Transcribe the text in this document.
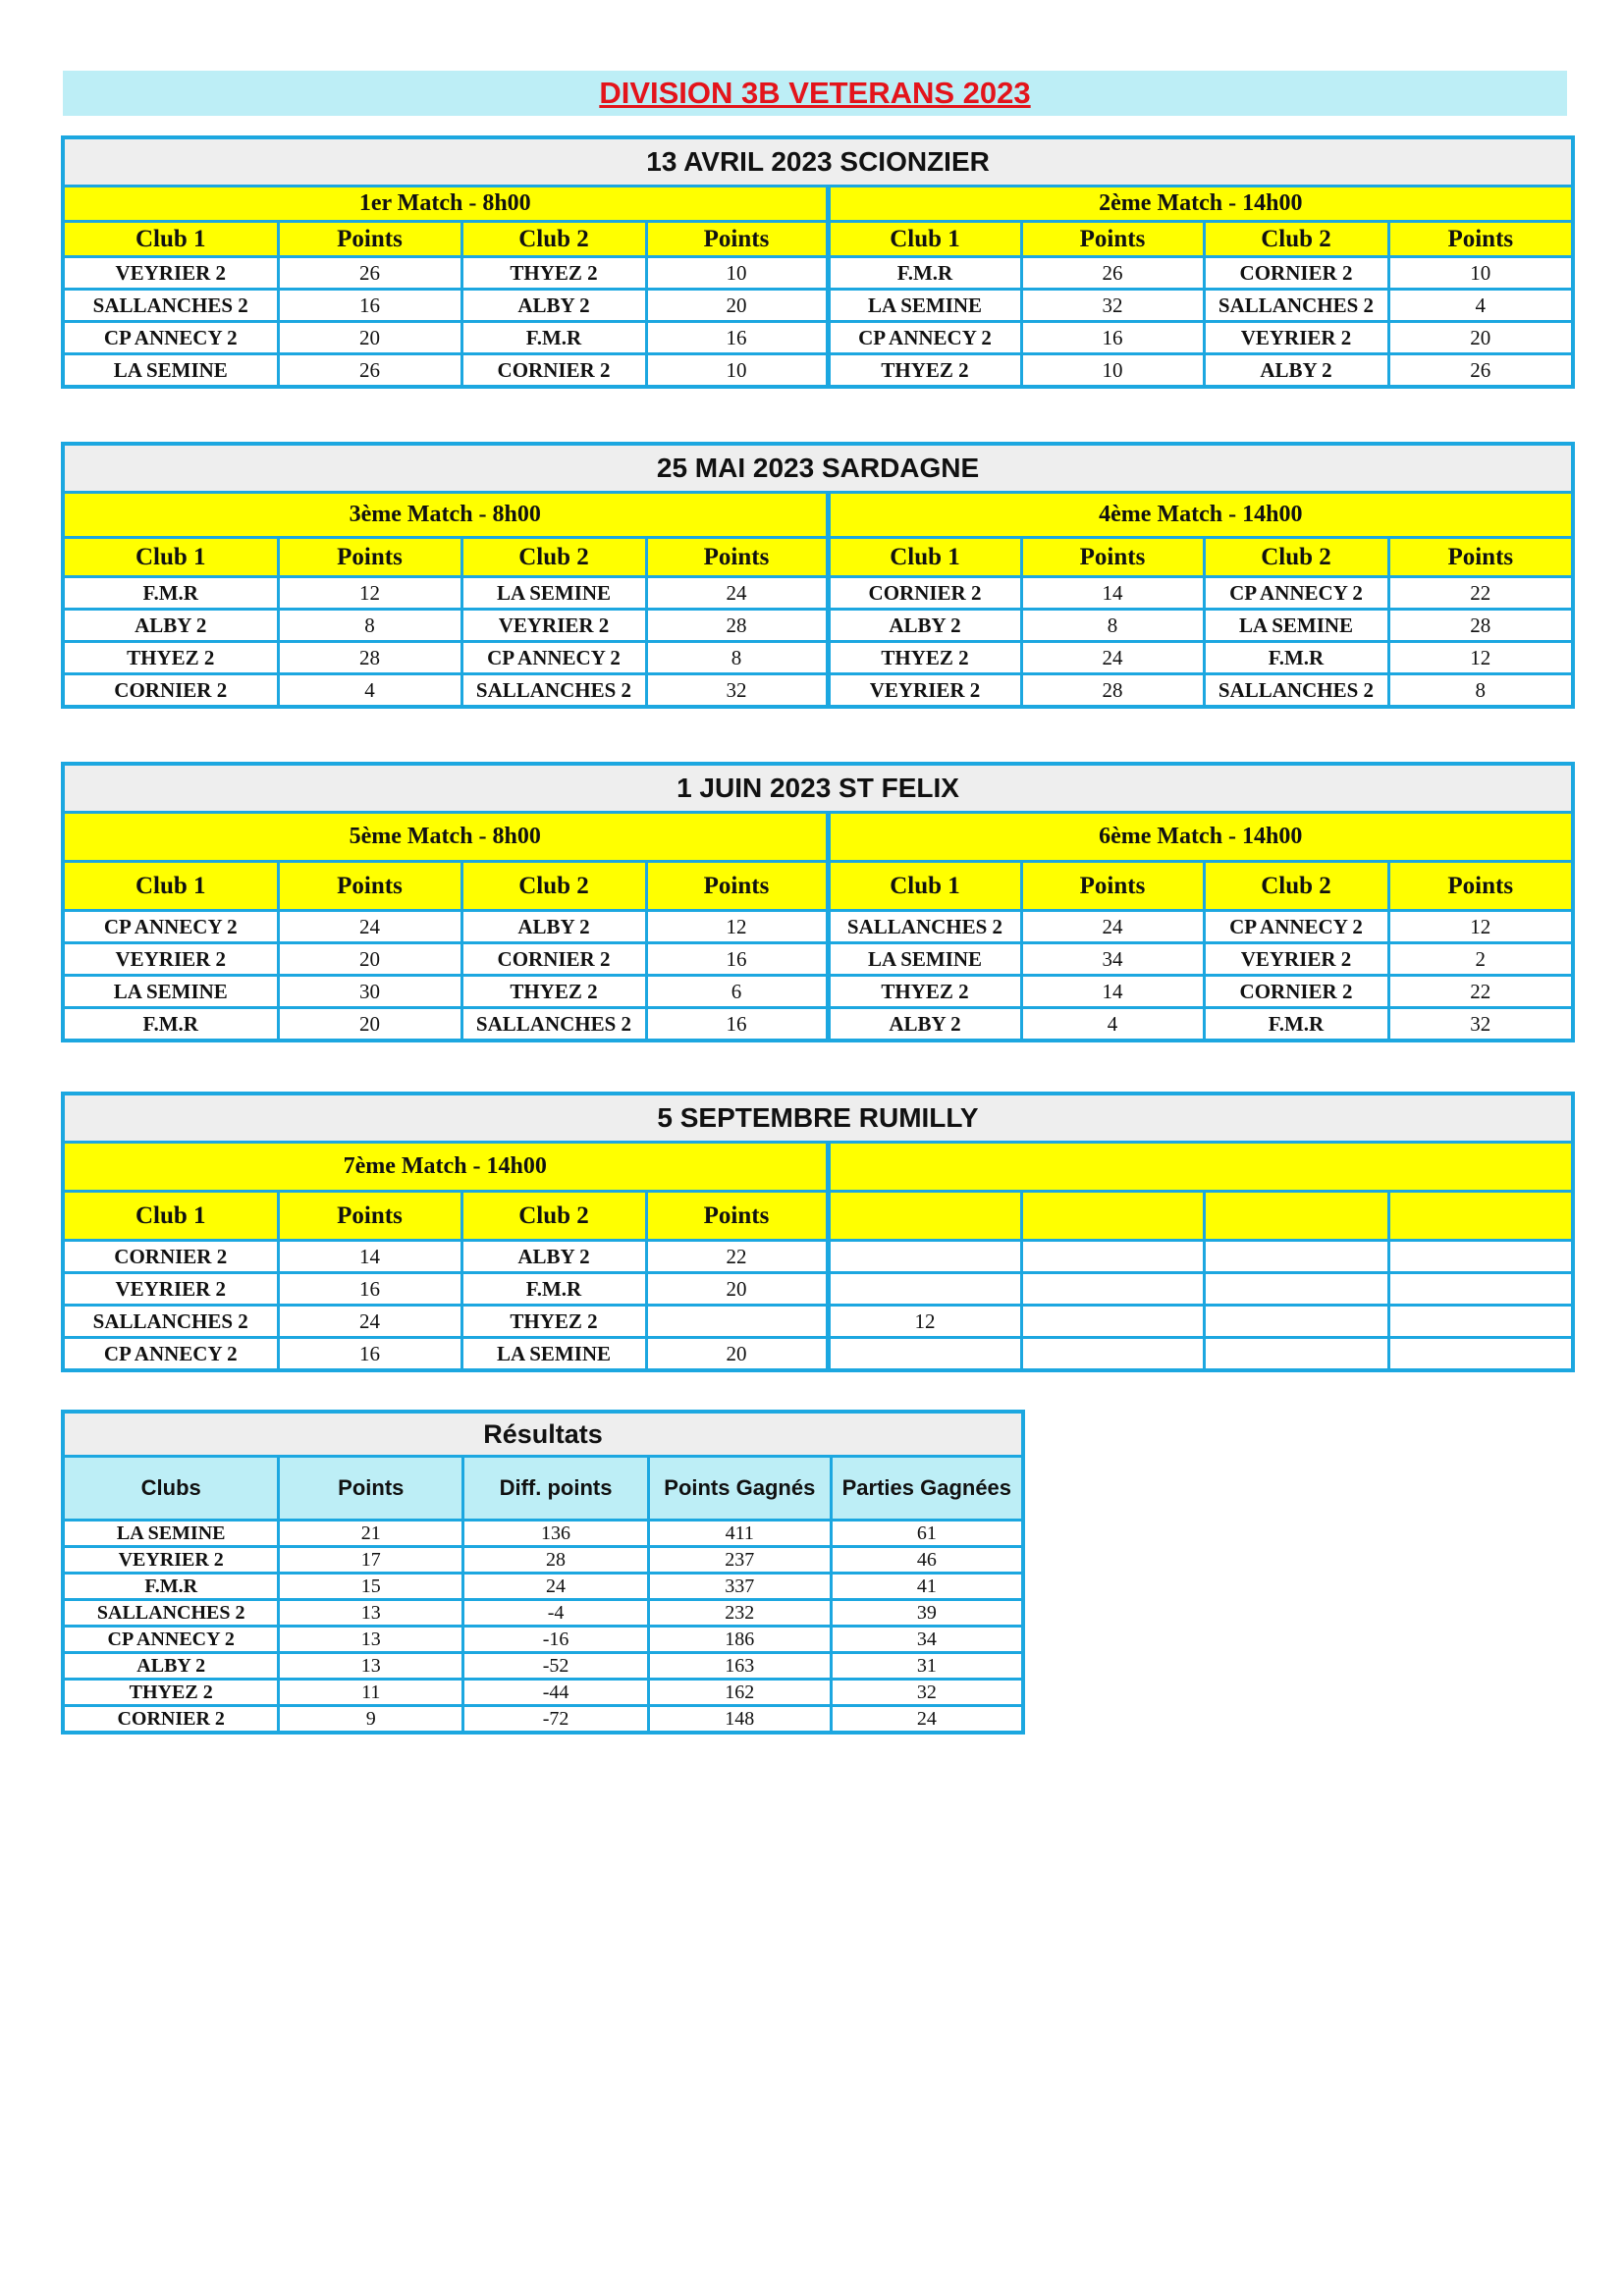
DIVISION 3B VETERANS 2023
13 AVRIL 2023 SCIONZIER							
1er Match - 8h00				2ème Match - 14h00			
Club 1	Points	Club 2	Points	Club 1	Points	Club 2	Points
VEYRIER 2	26	THYEZ 2	10	F.M.R	26	CORNIER 2	10
SALLANCHES 2	16	ALBY 2	20	LA SEMINE	32	SALLANCHES 2	4
CP ANNECY 2	20	F.M.R	16	CP ANNECY 2	16	VEYRIER 2	20
LA SEMINE	26	CORNIER 2	10	THYEZ 2	10	ALBY 2	26
25 MAI 2023 SARDAGNE							
3ème Match - 8h00				4ème Match - 14h00			
Club 1	Points	Club 2	Points	Club 1	Points	Club 2	Points
F.M.R	12	LA SEMINE	24	CORNIER 2	14	CP ANNECY 2	22
ALBY 2	8	VEYRIER 2	28	ALBY 2	8	LA SEMINE	28
THYEZ 2	28	CP ANNECY 2	8	THYEZ 2	24	F.M.R	12
CORNIER 2	4	SALLANCHES 2	32	VEYRIER 2	28	SALLANCHES 2	8
1 JUIN 2023 ST FELIX							
5ème Match - 8h00				6ème Match - 14h00			
Club 1	Points	Club 2	Points	Club 1	Points	Club 2	Points
CP ANNECY 2	24	ALBY 2	12	SALLANCHES 2	24	CP ANNECY 2	12
VEYRIER 2	20	CORNIER 2	16	LA SEMINE	34	VEYRIER 2	2
LA SEMINE	30	THYEZ 2	6	THYEZ 2	14	CORNIER 2	22
F.M.R	20	SALLANCHES 2	16	ALBY 2	4	F.M.R	32
5 SEPTEMBRE RUMILLY							
7ème Match - 14h00							
Club 1	Points	Club 2	Points				
CORNIER 2	14	ALBY 2	22				
VEYRIER 2	16	F.M.R	20				
SALLANCHES 2	24	THYEZ 2		12			
CP ANNECY 2	16	LA SEMINE	20				
Résultats				
Clubs	Points	Diff. points	Points Gagnés	Parties Gagnées
LA SEMINE	21	136	411	61
VEYRIER 2	17	28	237	46
F.M.R	15	24	337	41
SALLANCHES 2	13	-4	232	39
CP ANNECY 2	13	-16	186	34
ALBY 2	13	-52	163	31
THYEZ 2	11	-44	162	32
CORNIER 2	9	-72	148	24
